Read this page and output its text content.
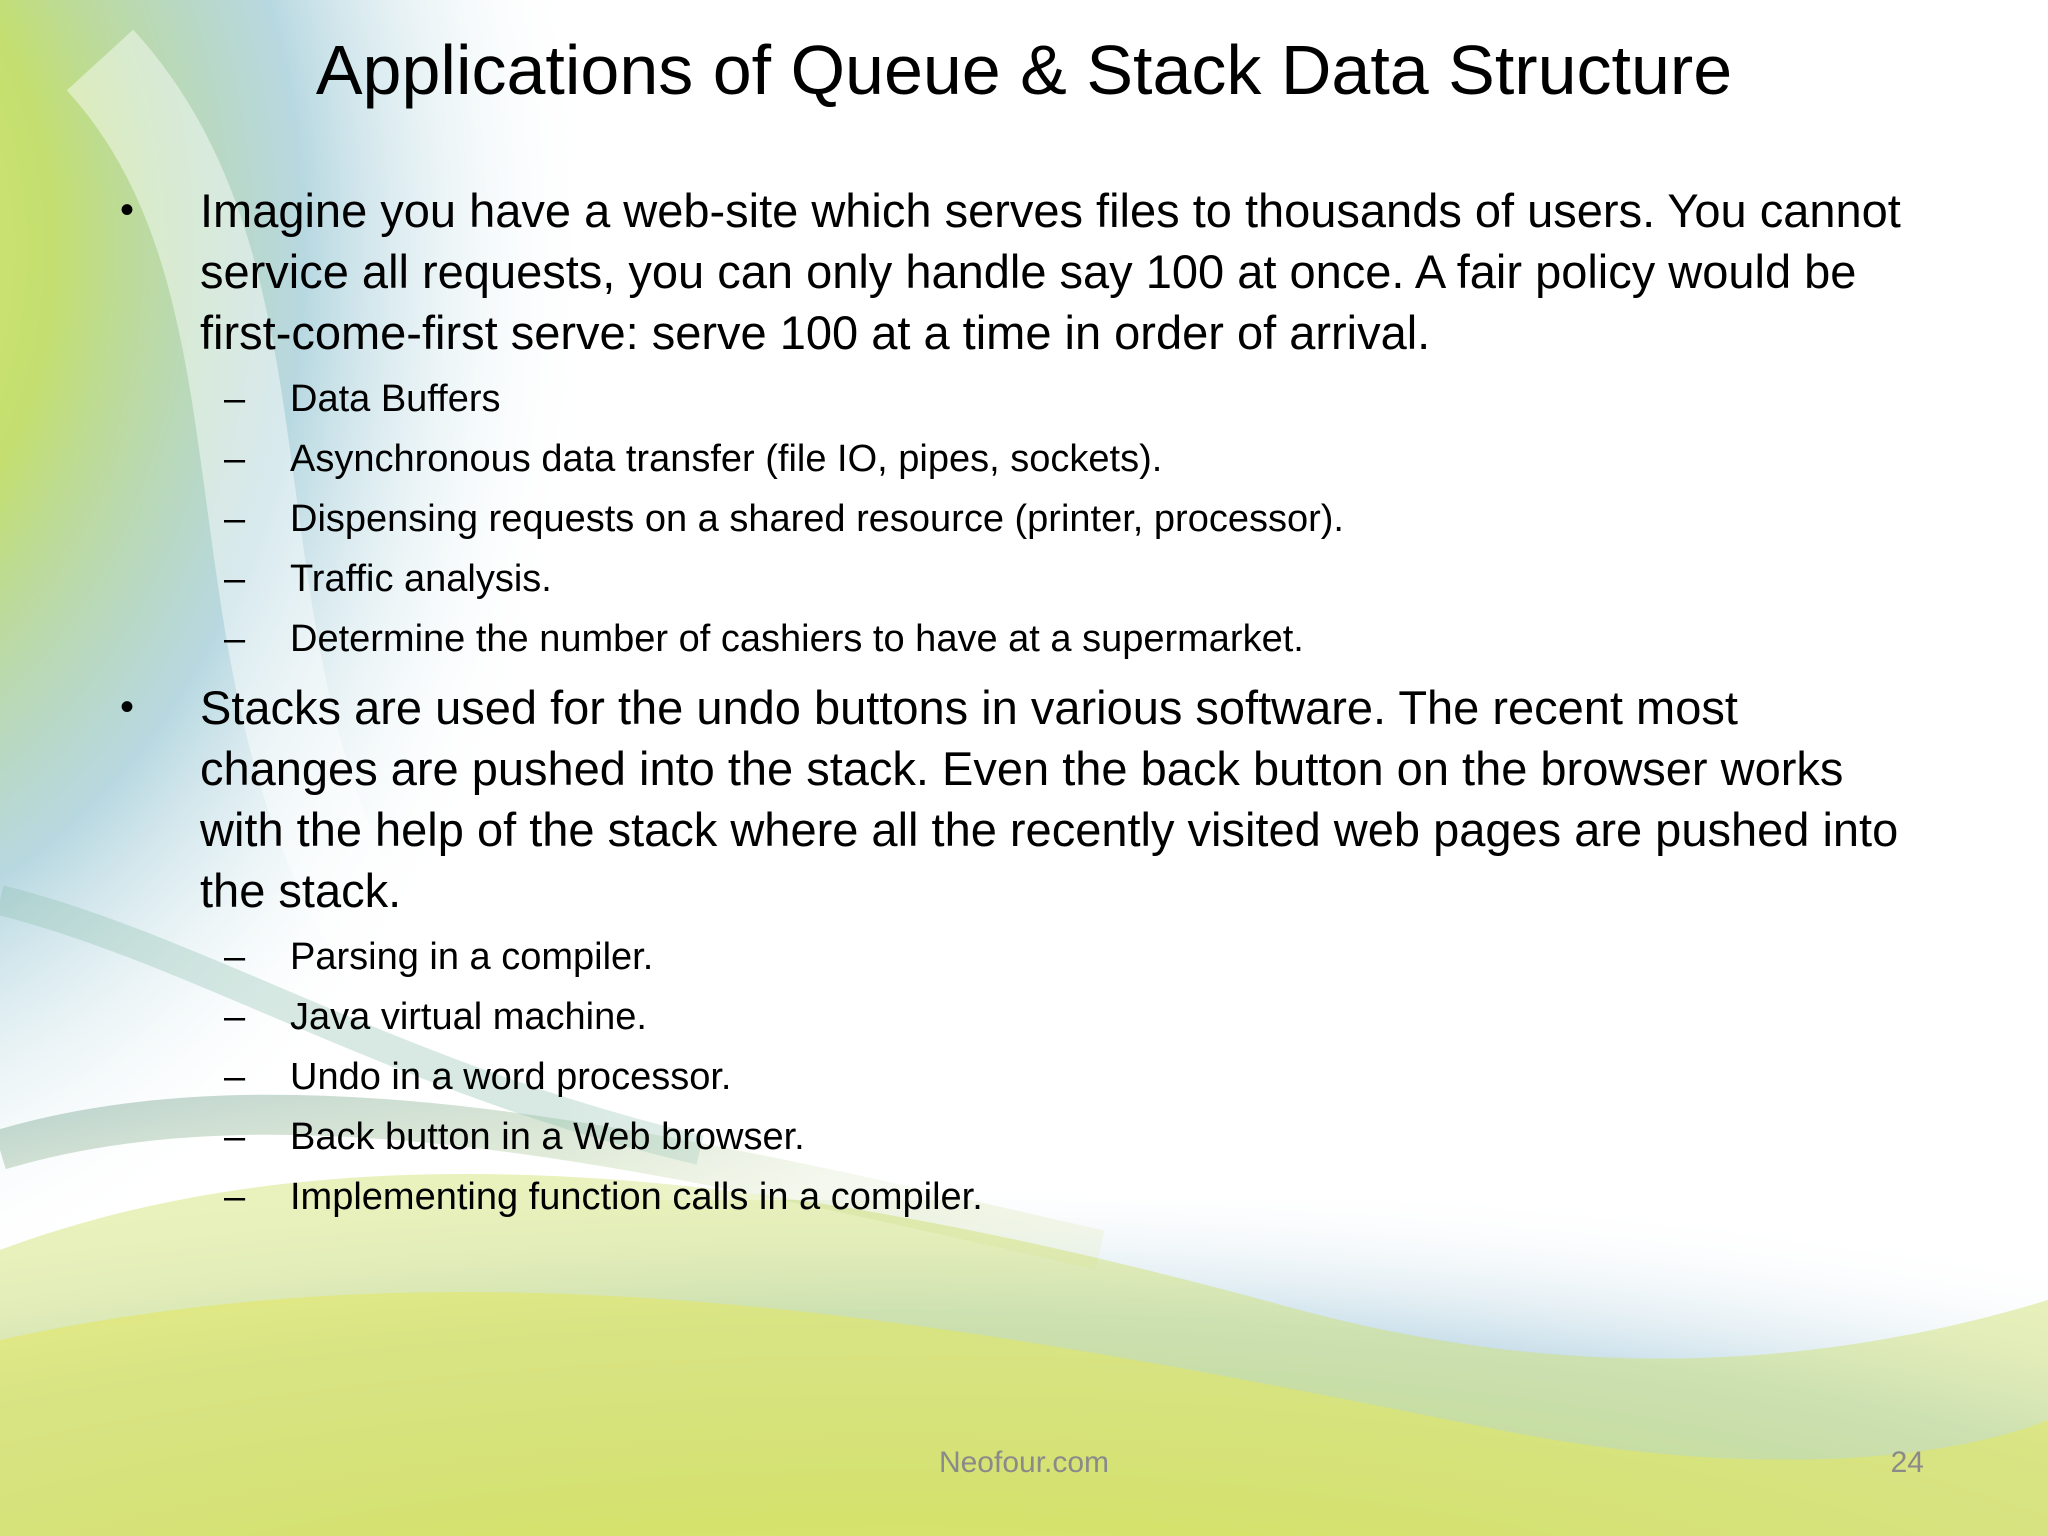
Applications of Queue & Stack Data Structure

•	Imagine you have a web-site which serves files to thousands of users. You cannot service all requests, you can only handle say 100 at once. A fair policy would be first-come-first serve: serve 100 at a time in order of arrival.

– Data Buffers
– Asynchronous data transfer (file IO, pipes, sockets).
– Dispensing requests on a shared resource (printer, processor).
– Traffic analysis.
– Determine the number of cashiers to have at a supermarket.

•	Stacks are used for the undo buttons in various software. The recent most changes are pushed into the stack. Even the back button on the browser works with the help of the stack where all the recently visited web pages are pushed into the stack.

– Parsing in a compiler.
– Java virtual machine.
– Undo in a word processor.
– Back button in a Web browser.
– Implementing function calls in a compiler.
Neofour.com	24
